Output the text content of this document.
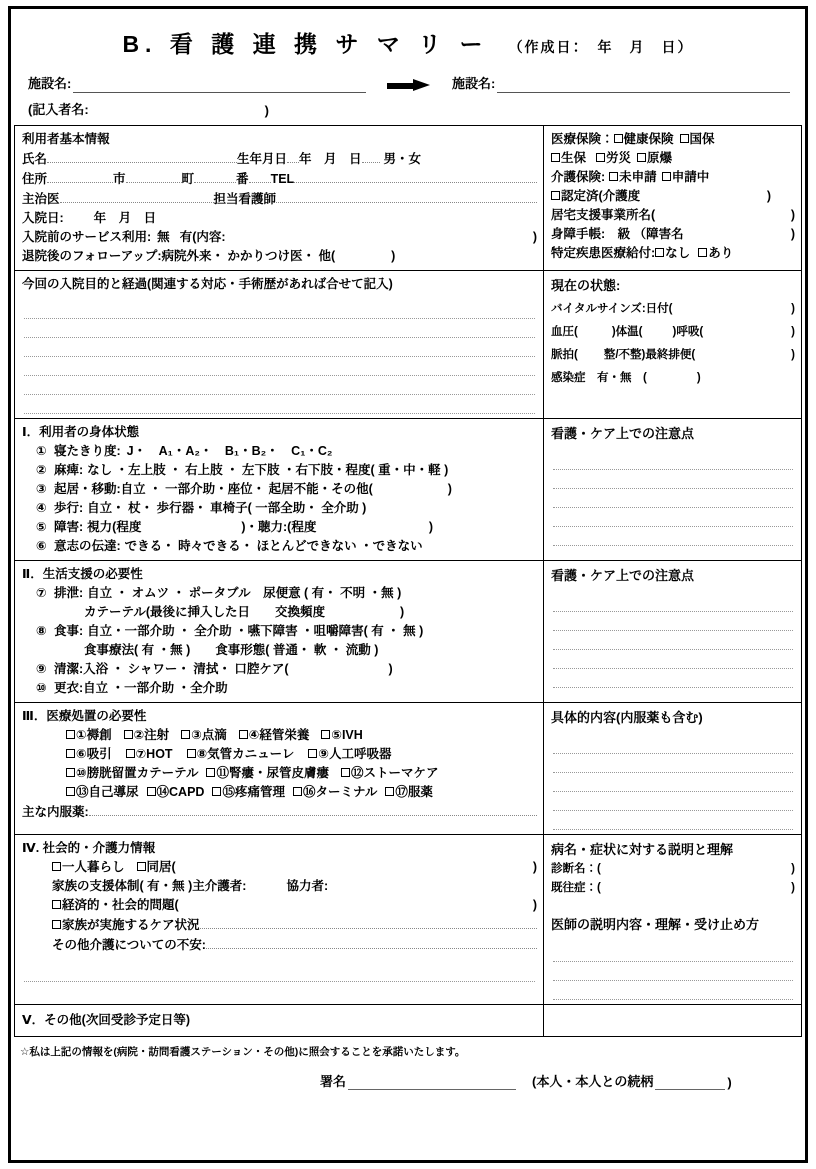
B. 看 護 連 携 サ マ リ ー （作成日：　年　月　日）
施設名:	施設名:
(記入者名:	)
利用者基本情報
氏名	生年月日 年　月　日	男・女
住所	市	町	番 TEL
主治医	担当看護師
入院日: 年　月　日
入院前のサービス利用: 無 有(内容:	)
退院後のフォローアップ: 病院外来・ かかりつけ医・ 他(	)
医療保険： 健康保険 国保
生保 労災 原爆
介護保険: 未申請 申請中
認定済(介護度	)
居宅支援事業所名(	)
身障手帳:　級 （障害名	)
特定疾患医療給付: なし あり
今回の入院目的と経過(関連する対応・手術歴があれば合せて記入)	現在の状態:
バイタルサインズ:日付(	)
血圧(	)体温(	)呼吸(	)
脈拍( 整/不整)最終排便(	)
感染症　有・無　(	)
Ⅰ．利用者の身体状態
① 寝たきり度: J・　A₁・A₂・　B₁・B₂・　C₁・C₂
② 麻痺: なし ・左上肢 ・ 右上肢 ・ 左下肢 ・右下肢・程度( 重・中・軽 )
③ 起居・移動: 自立 ・ 一部介助・座位・ 起居不能・その他(　　　　　　)
④ 歩行: 自立・ 杖・ 歩行器・ 車椅子( 一部全助・ 全介助 )
⑤ 障害: 視力(程度　　　　　　　　)・聴力:(程度　　　　　　　　　)
⑥ 意志の伝達: できる・ 時々できる・ ほとんどできない ・できない
看護・ケア上での注意点
Ⅱ．生活支援の必要性
⑦ 排泄: 自立 ・ オムツ ・ ポータブル　尿便意 ( 有・ 不明 ・無 )
カテーテル(最後に挿入した日　　交換頻度　　　　　　)
⑧ 食事: 自立・一部介助 ・ 全介助 ・嚥下障害 ・咀嚼障害( 有 ・ 無 )
食事療法( 有 ・無 )　　食事形態( 普通・ 軟 ・ 流動 )
⑨ 清潔: 入浴 ・ シャワー・ 清拭・ 口腔ケア(　　　　　　　　)
⑩ 更衣: 自立 ・一部介助 ・全介助
看護・ケア上での注意点
Ⅲ．医療処置の必要性
①褥創 ②注射 ③点滴 ④経管栄養 ⑤IVH
⑥吸引 ⑦HOT ⑧気管カニューレ ⑨人工呼吸器
⑩膀胱留置カテーテル ⑪腎瘻・尿管皮膚瘻 ⑫ストーマケア
⑬自己導尿 ⑭CAPD ⑮疼痛管理 ⑯ターミナル ⑰服薬
主な内服薬:
具体的内容(内服薬も含む)
Ⅳ. 社会的・介護力情報
一人暮らし 同居(	)
家族の支援体制( 有・無 )主介護者:	協力者:
経済的・社会的問題(	)
家族が実施するケア状況
その他介護についての不安:
病名・症状に対する説明と理解
診断名：(	)
既往症：(	)
医師の説明内容・理解・受け止め方
Ⅴ．その他(次回受診予定日等)
☆私は上記の情報を(病院・訪問看護ステーション・その他)に照会することを承諾いたします。
署名	(本人・本人との続柄	)
